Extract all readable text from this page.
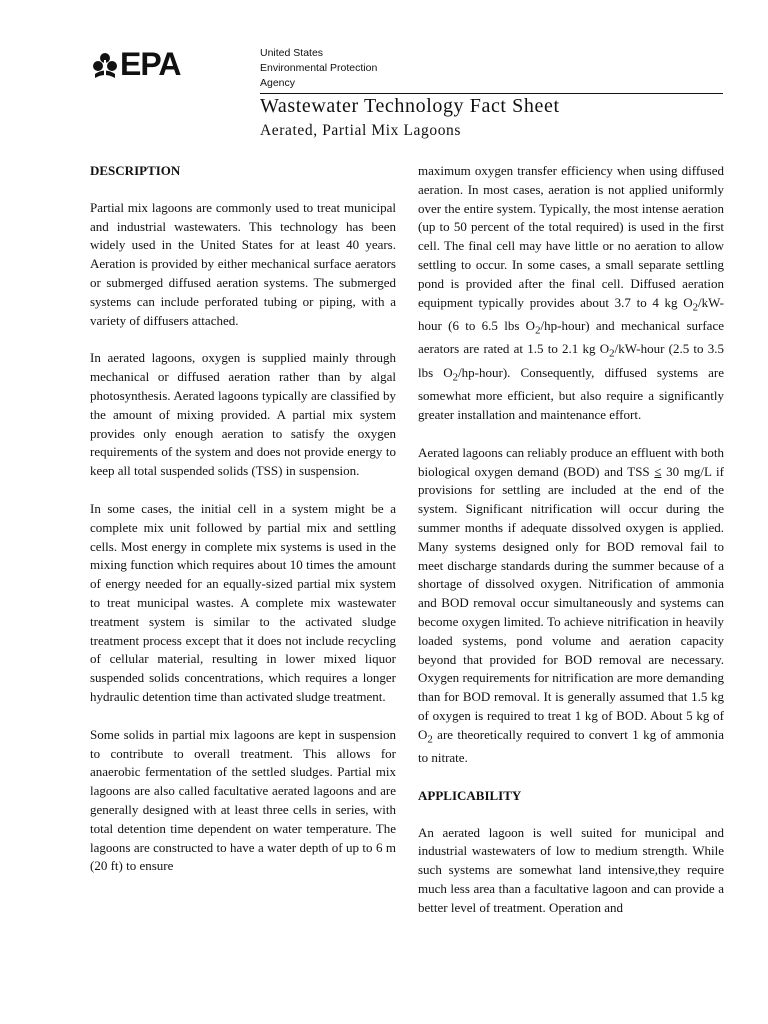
EPA	United States
Environmental Protection
Agency
Wastewater Technology Fact Sheet
Aerated, Partial Mix Lagoons
DESCRIPTION

Partial mix lagoons are commonly used to treat municipal and industrial wastewaters. This technology has been widely used in the United States for at least 40 years. Aeration is provided by either mechanical surface aerators or submerged diffused aeration systems. The submerged systems can include perforated tubing or piping, with a variety of diffusers attached.

In aerated lagoons, oxygen is supplied mainly through mechanical or diffused aeration rather than by algal photosynthesis. Aerated lagoons typically are classified by the amount of mixing provided. A partial mix system provides only enough aeration to satisfy the oxygen requirements of the system and does not provide energy to keep all total suspended solids (TSS) in suspension.

In some cases, the initial cell in a system might be a complete mix unit followed by partial mix and settling cells. Most energy in complete mix systems is used in the mixing function which requires about 10 times the amount of energy needed for an equally-sized partial mix system to treat municipal wastes. A complete mix wastewater treatment system is similar to the activated sludge treatment process except that it does not include recycling of cellular material, resulting in lower mixed liquor suspended solids concentrations, which requires a longer hydraulic detention time than activated sludge treatment.

Some solids in partial mix lagoons are kept in suspension to contribute to overall treatment. This allows for anaerobic fermentation of the settled sludges. Partial mix lagoons are also called facultative aerated lagoons and are generally designed with at least three cells in series, with total detention time dependent on water temperature. The lagoons are constructed to have a water depth of up to 6 m (20 ft) to ensure

maximum oxygen transfer efficiency when using diffused aeration. In most cases, aeration is not applied uniformly over the entire system. Typically, the most intense aeration (up to 50 percent of the total required) is used in the first cell. The final cell may have little or no aeration to allow settling to occur. In some cases, a small separate settling pond is provided after the final cell. Diffused aeration equipment typically provides about 3.7 to 4 kg $O_2/kW$-hour (6 to 6.5 lbs $O_2/hp-hour$) and mechanical surface aerators are rated at 1.5 to 2.1 kg $O_2/kW$-hour (2.5 to 3.5 lbs $O_2/hp-hour$). Consequently, diffused systems are somewhat more efficient, but also require a significantly greater installation and maintenance effort.

Aerated lagoons can reliably produce an effluent with both biological oxygen demand (BOD) and TSS ≤ 30 mg/L if provisions for settling are included at the end of the system. Significant nitrification will occur during the summer months if adequate dissolved oxygen is applied. Many systems designed only for BOD removal fail to meet discharge standards during the summer because of a shortage of dissolved oxygen. Nitrification of ammonia and BOD removal occur simultaneously and systems can become oxygen limited. To achieve nitrification in heavily loaded systems, pond volume and aeration capacity beyond that provided for BOD removal are necessary. Oxygen requirements for nitrification are more demanding than for BOD removal. It is generally assumed that 1.5 kg of oxygen is required to treat 1 kg of BOD. About 5 kg of $O_2$ are theoretically required to convert 1 kg of ammonia to nitrate.

APPLICABILITY

An aerated lagoon is well suited for municipal and industrial wastewaters of low to medium strength. While such systems are somewhat land intensive,they require much less area than a facultative lagoon and can provide a better level of treatment. Operation and
